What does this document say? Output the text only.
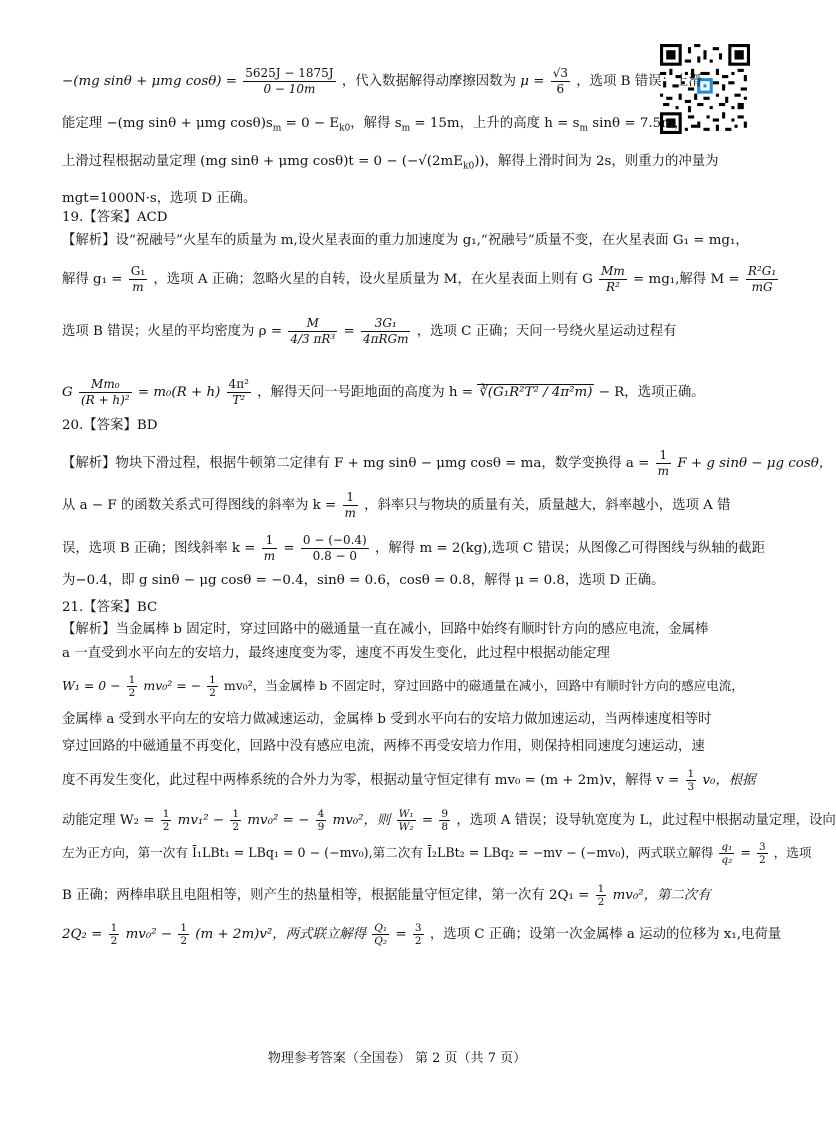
−(mg sinθ + μmg $\cos\theta) = \frac{5625J - 1875J}{0 - 10m}$ ，代入数据解得动摩擦因数为 $\mu = \frac{√3}{6}$ ，选项 B 错误；上滑
能定理 −(mg sinθ + μmg $\cos\theta)s_m = 0 - E_{k0}$，解得 $s_m = 15m$，上升的高度 $h = s_m$ sinθ = 7.5m，
上滑过程根据动量定理 (mg sinθ + μmg $\cos\theta)t = 0 - (-√(2mE_{k0}))$，解得上滑时间为 2s，则重力的冲量为
mgt=1000N·s，选项 D 正确。
19.【答案】ACD
【解析】设“祝融号”火星车的质量为 m,设火星表面的重力加速度为 g₁,“祝融号”质量不变，在火星表面 G₁ = mg₁，
解得 $g_1 = \frac{\text{G₁}}{m}$ ，选项 A 正确；忽略火星的自转，设火星质量为 M，在火星表面上则有 G $\frac{Mm}{\text{R²}} = mg_1$,解得 $M = \frac{\text{R²G₁}}{mG}$
选项 B 错误；火星的平均密度为 $\rho = \frac{M}{\text{4/3 πR³}} = \frac{\text{3G₁}}{\text{4πRGm}}$ ，选项 C 正确；天问一号绕火星运动过程有
G $\frac{\text{Mm₀}}{\text{(R + h)²}} = m_0(R + h) \frac{\text{4π²}}{\text{T²}}$ ，解得天问一号距地面的高度为 h = ∛(G₁R²T² / 4π²m) − R，选项正确。
20.【答案】BD
【解析】物块下滑过程，根据牛顿第二定律有 F + mg sinθ − μmg cosθ = ma，数学变换得 $a = \frac{1}{m}$ F + g sinθ − μg cosθ，
从 a − F 的函数关系式可得图线的斜率为 $k = \frac{1}{m}$ ，斜率只与物块的质量有关，质量越大，斜率越小，选项 A 错
误，选项 B 正确；图线斜率 $k = \frac{1}{m} = \frac{0 - (-0.4)}{0.8 - 0}$ ，解得 m = 2(kg),选项 C 错误；从图像乙可得图线与纵轴的截距
为−0.4，即 g sinθ − μg cosθ = −0.4，sinθ = 0.6，cosθ = 0.8，解得 μ = 0.8，选项 D 正确。
21.【答案】BC
【解析】当金属棒 b 固定时，穿过回路中的磁通量一直在减小，回路中始终有顺时针方向的感应电流，金属棒
a 一直受到水平向左的安培力，最终速度变为零，速度不再发生变化，此过程中根据动能定理
$W_1 = 0 - \frac{1}{2} mv_0^2$ = − $\frac{1}{2} mv_0^2$，当金属棒 b 不固定时，穿过回路中的磁通量在减小，回路中有顺时针方向的感应电流，
金属棒 a 受到水平向左的安培力做减速运动，金属棒 b 受到水平向右的安培力做加速运动，当两棒速度相等时
穿过回路的中磁通量不再变化，回路中没有感应电流，两棒不再受安培力作用，则保持相同速度匀速运动，速
度不再发生变化，此过程中两棒系统的合外力为零，根据动量守恒定律有 mv₀ = (m + 2m)v，解得 $v = \frac{1}{3} v_0$，根据
动能定理 $W_2 = \frac{1}{2} mv_1^2 - \frac{1}{2} mv_0^2$ = − $\frac{4}{9} mv_0^2$，则 $\frac{\text{W₁}}{\text{W₂}} = \frac{9}{8}$ ，选项 A 错误；设导轨宽度为 L，此过程中根据动量定理，设向
左为正方向，第一次有 Ī₁LBt₁ = LBq₁ = 0 − (−mv₀),第二次有 Ī₂LBt₂ = LBq₂ = −mv − (−mv₀)，两式联立解得 $\frac{\text{q₁}}{\text{q₂}} = \frac{3}{2}$ ，选项
B 正确；两棒串联且电阻相等，则产生的热量相等，根据能量守恒定律，第一次有 $2Q_1 = \frac{1}{2} mv_0^2$，第二次有
$2Q_2 = \frac{1}{2} mv_0^2 - \frac{1}{2} (m + 2m)v^2$，两式联立解得 $\frac{\text{Q₁}}{\text{Q₂}} = \frac{3}{2}$ ，选项 C 正确；设第一次金属棒 a 运动的位移为 x₁,电荷量
物理参考答案（全国卷） 第 2 页（共 7 页）
